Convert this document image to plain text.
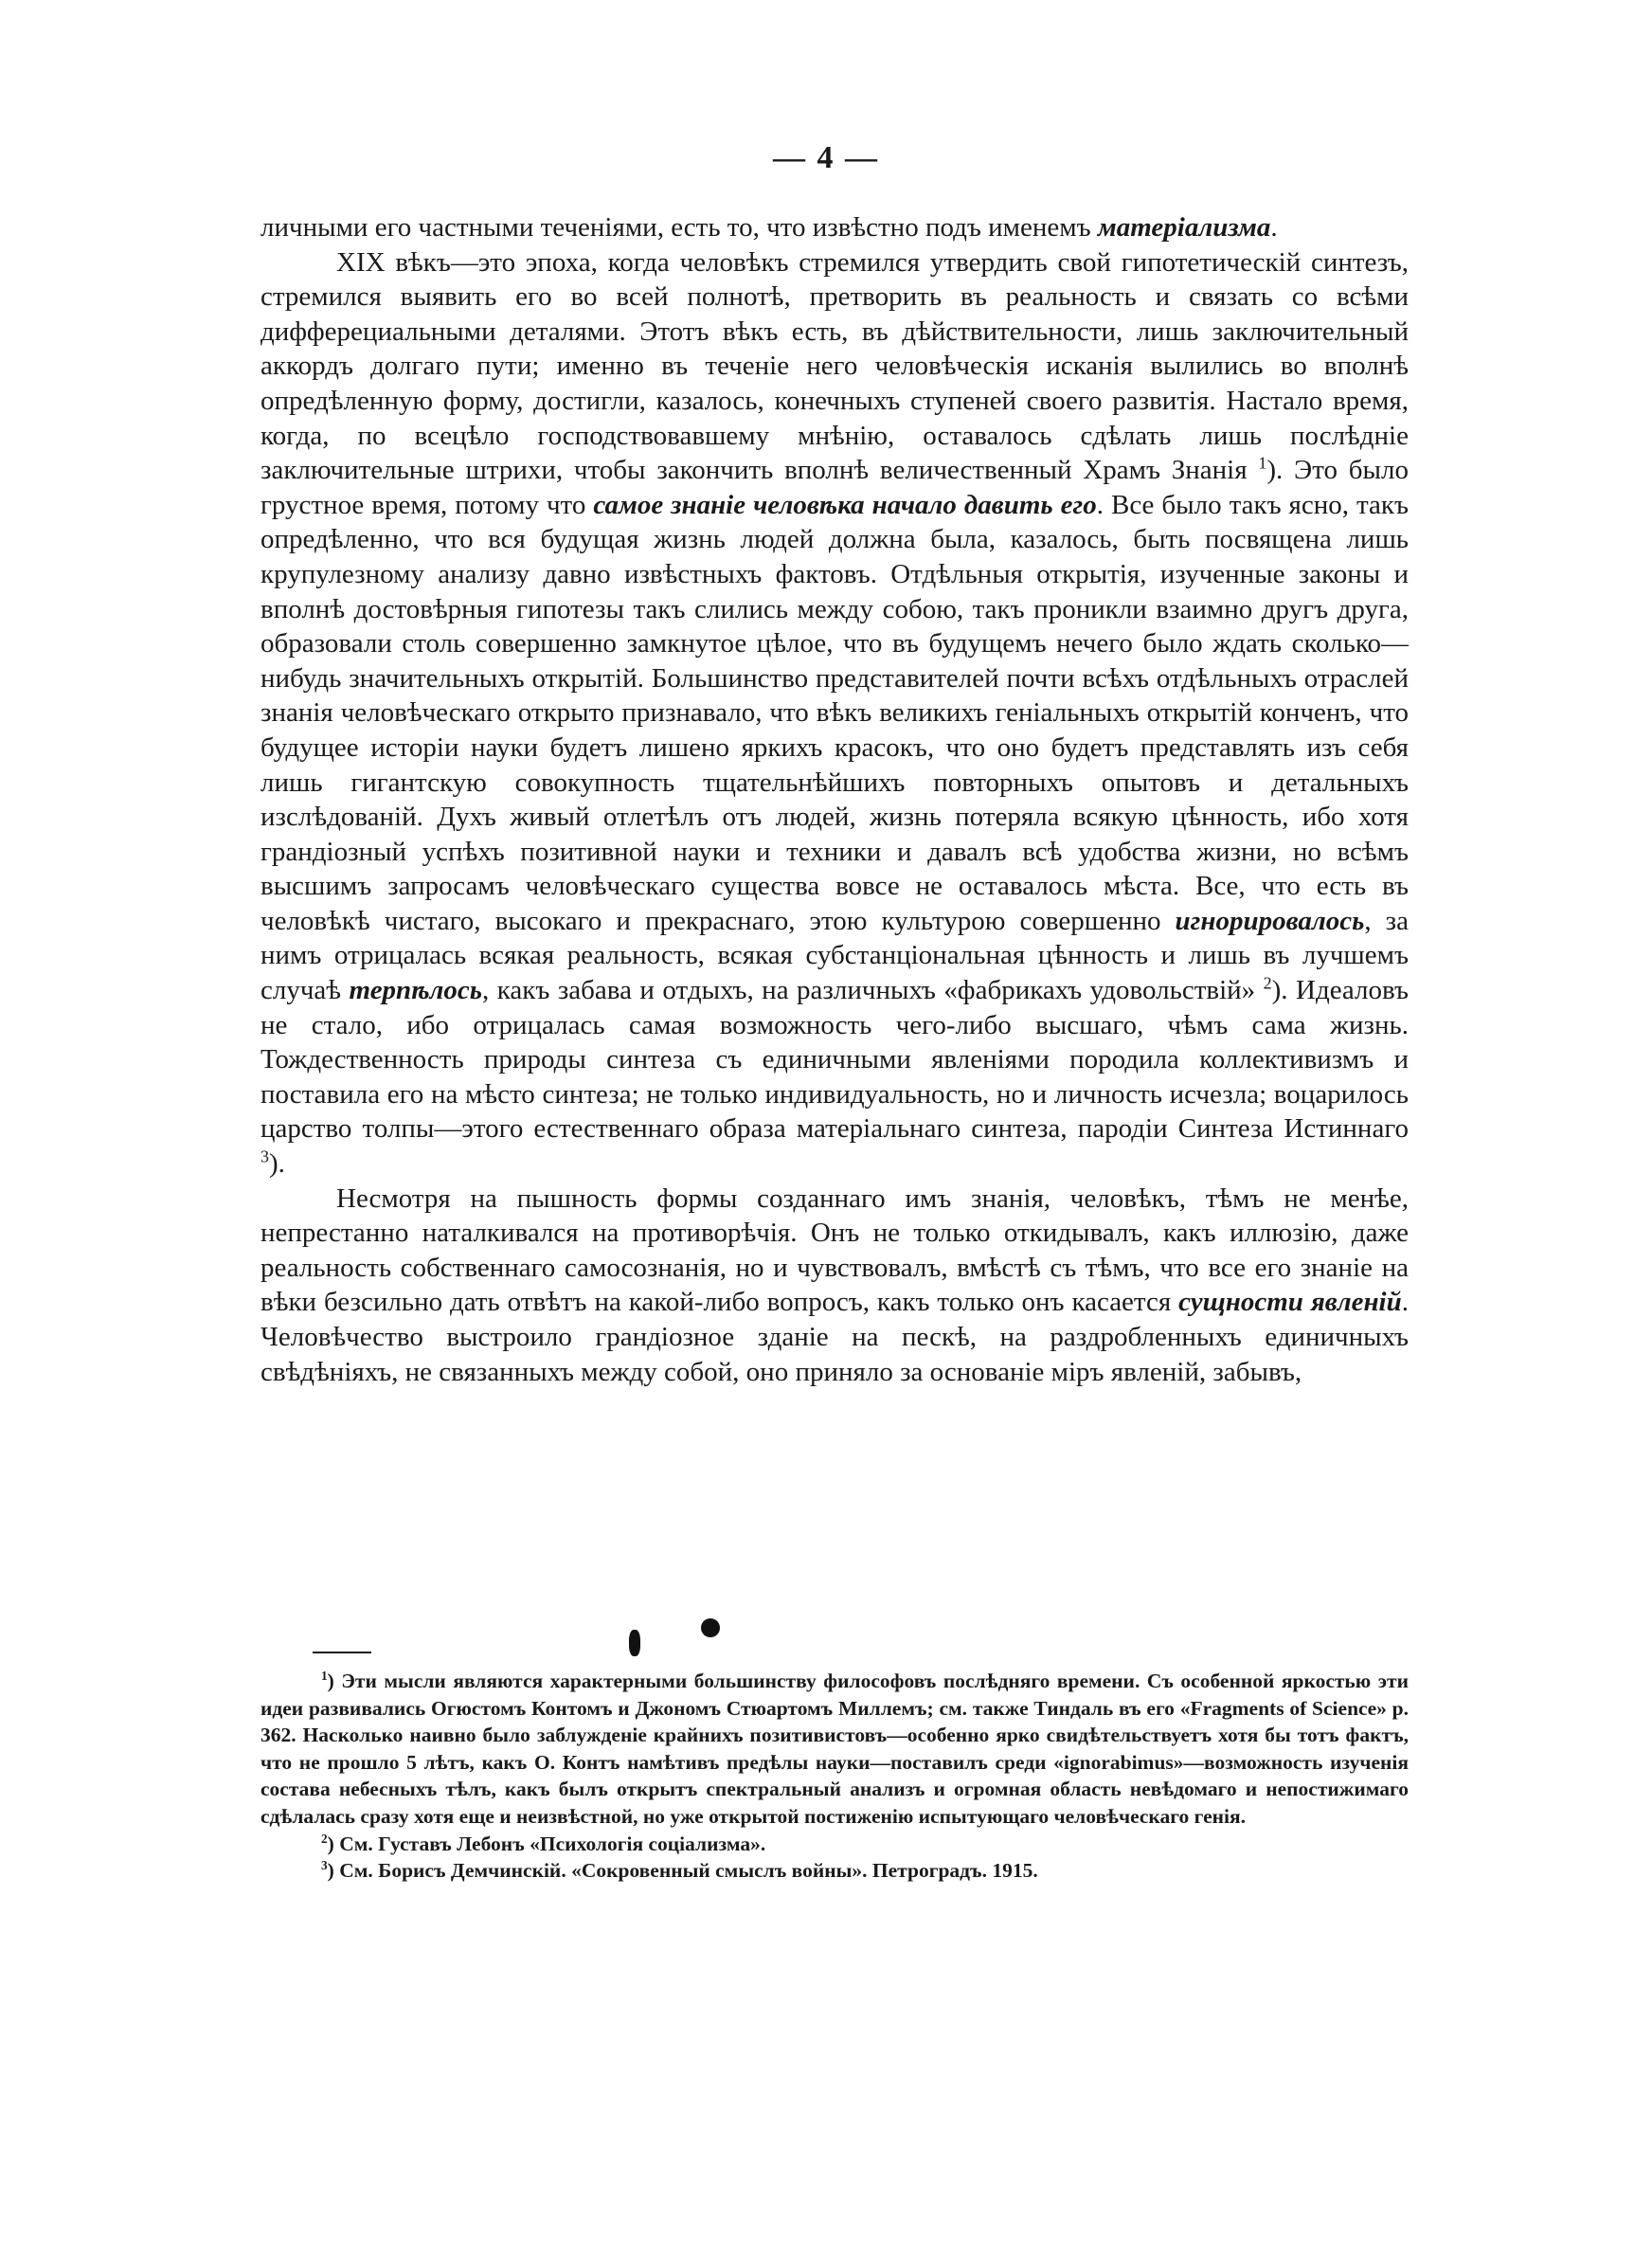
— 4 —

личными его частными теченіями, есть то, что извѣстно подъ именемъ матеріализма.

XIX вѣкъ—это эпоха, когда человѣкъ стремился утвердить свой гипотетическій синтезъ, стремился выявить его во всей полнотѣ, претворить въ реальность и связать со всѣми дифферециальными деталями. Этотъ вѣкъ есть, въ дѣйствительности, лишь заключительный аккордъ долгаго пути; именно въ теченіе него человѣческія исканія вылились во вполнѣ опредѣленную форму, достигли, казалось, конечныхъ ступеней своего развитія. Настало время, когда, по всецѣло господствовавшему мнѣнію, оставалось сдѣлать лишь послѣдніе заключительные штрихи, чтобы закончить вполнѣ величественный Храмъ Знанія $^1$). Это было грустное время, потому что самое знаніе человѣка начало давить его. Все было такъ ясно, такъ опредѣленно, что вся будущая жизнь людей должна была, казалось, быть посвящена лишь крупулезному анализу давно извѣстныхъ фактовъ. Отдѣльныя открытія, изученные законы и вполнѣ достовѣрныя гипотезы такъ слились между собою, такъ проникли взаимно другъ друга, образовали столь совершенно замкнутое цѣлое, что въ будущемъ нечего было ждать сколько—нибудь значительныхъ открытій. Большинство представителей почти всѣхъ отдѣльныхъ отраслей знанія человѣческаго открыто признавало, что вѣкъ великихъ геніальныхъ открытій конченъ, что будущее исторіи науки будетъ лишено яркихъ красокъ, что оно будетъ представлять изъ себя лишь гигантскую совокупность тщательнѣйшихъ повторныхъ опытовъ и детальныхъ изслѣдованій. Духъ живый отлетѣлъ отъ людей, жизнь потеряла всякую цѣнность, ибо хотя грандіозный успѣхъ позитивной науки и техники и давалъ всѣ удобства жизни, но всѣмъ высшимъ запросамъ человѣческаго существа вовсе не оставалось мѣста. Все, что есть въ человѣкѣ чистаго, высокаго и прекраснаго, этою культурою совершенно игнорировалось, за нимъ отрицалась всякая реальность, всякая субстанціональная цѣнность и лишь въ лучшемъ случаѣ терпѣлось, какъ забава и отдыхъ, на различныхъ «фабрикахъ удовольствій» $^2$). Идеаловъ не стало, ибо отрицалась самая возможность чего-либо высшаго, чѣмъ сама жизнь. Тождественность природы синтеза съ единичными явленіями породила коллективизмъ и поставила его на мѣсто синтеза; не только индивидуальность, но и личность исчезла; воцарилось царство толпы—этого естественнаго образа матеріальнаго синтеза, пародіи Синтеза Истиннаго $^3$).

Несмотря на пышность формы созданнаго имъ знанія, человѣкъ, тѣмъ не менѣе, непрестанно наталкивался на противорѣчія. Онъ не только откидывалъ, какъ иллюзію, даже реальность собственнаго самосознанія, но и чувствовалъ, вмѣстѣ съ тѣмъ, что все его знаніе на вѣки безсильно дать отвѣтъ на какой-либо вопросъ, какъ только онъ касается сущности явленій. Человѣчество выстроило грандіозное зданіе на пескѣ, на раздробленныхъ единичныхъ свѣдѣніяхъ, не связанныхъ между собой, оно приняло за основаніе міръ явленій, забывъ,

$^1$) Эти мысли являются характерными большинству философовъ послѣдняго времени. Съ особенной яркостью эти идеи развивались Огюстомъ Контомъ и Джономъ Стюартомъ Миллемъ; см. также Тиндаль въ его «Fragments of Science» p. 362. Насколько наивно было заблужденіе крайнихъ позитивистовъ—особенно ярко свидѣтельствуетъ хотя бы тотъ фактъ, что не прошло 5 лѣтъ, какъ О. Контъ намѣтивъ предѣлы науки—поставилъ среди «ignorabimus»—возможность изученія состава небесныхъ тѣлъ, какъ былъ открытъ спектральный анализъ и огромная область невѣдомаго и непостижимаго сдѣлалась сразу хотя еще и неизвѣстной, но уже открытой постиженію испытующаго человѣческаго генія.

$^2$) См. Густавъ Лебонъ «Психологія соціализма».

$^3$) См. Борисъ Демчинскій. «Сокровенный смыслъ войны». Петроградъ. 1915.
